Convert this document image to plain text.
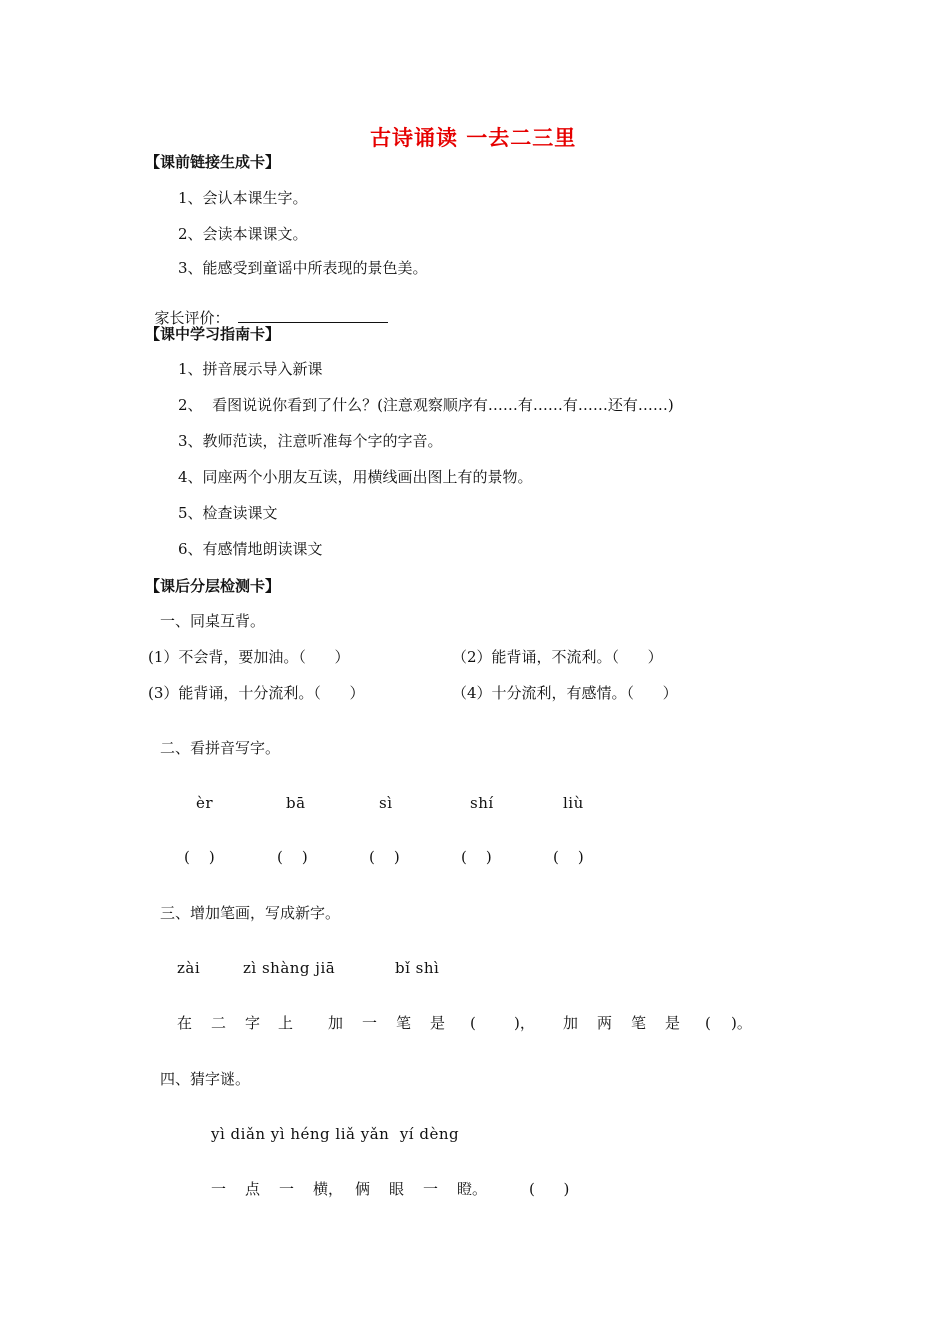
古诗诵读 一去二三里
【课前链接生成卡】
1、会认本课生字。
2、会读本课课文。
3、能感受到童谣中所表现的景色美。

家长评价：

【课中学习指南卡】
1、拼音展示导入新课
2、  看图说说你看到了什么？(注意观察顺序有……有……有……还有……)
3、教师范读，注意听准每个字的字音。
4、同座两个小朋友互读，用横线画出图上有的景物。
5、检查读课文
6、有感情地朗读课文
【课后分层检测卡】
一、同桌互背。
(1）不会背，要加油。（      ）	（2）能背诵，不流利。（      ）
(3）能背诵，十分流利。（      ）	（4）十分流利，有感情。（      ）
二、看拼音写字。
èr	bā	sì	shí	liù
(    )	(    )	(    )	(    )	(    )
三、增加笔画，写成新字。
zài	zì shàng jiā	bǐ shì
在 二 字 上 加 一 笔 是 (	)， 加 两 笔 是 ( )。
四、猜字谜。
yì diǎn yì héng liǎ yǎn  yí dèng
一 点 一 横， 俩 眼 一 瞪。	(      )
